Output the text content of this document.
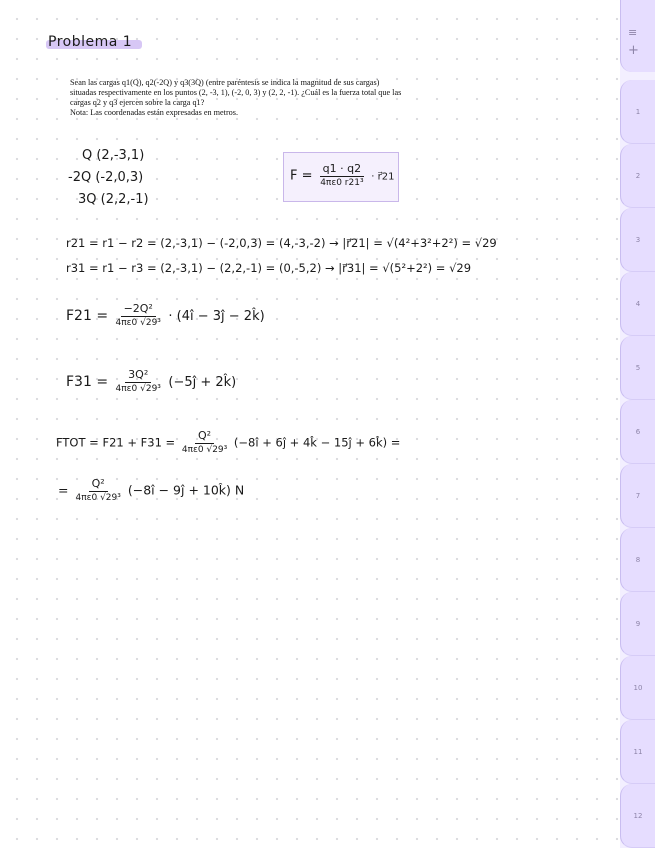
Problema 1

Sean las cargas q1(Q), q2(-2Q) y q3(3Q) (entre paréntesis se indica la magnitud de sus cargas)

situadas respectivamente en los puntos (2, -3, 1), (-2, 0, 3) y (2, 2, -1). ¿Cuál es la fuerza total que las

cargas q2 y q3 ejercen sobre la carga q1?

Nota: Las coordenadas están expresadas en metros.

Q (2,-3,1)
-2Q (-2,0,3)
3Q (2,2,-1)
$F = \frac{q1 \cdot q2}{\text{4πε0 r21³}}$ · r⃗21
r21 = r1 − r2 = (2,-3,1) − (-2,0,3) = (4,-3,-2) → |r⃗21| = √(4²+3²+2²) = √29
r31 = r1 − r3 = (2,-3,1) − (2,2,-1) = (0,-5,2) → |r⃗31| = √(5²+2²) = √29
$F21 = \frac{\text{−2Q²}}{\text{4πε0 √29³}}$ · (4î − 3ĵ − 2k̂)
$F31 = \frac{\text{3Q²}}{\text{4πε0 √29³}}$ (−5ĵ + 2k̂)
FTOT = $F21 + F31 = \frac{\text{Q²}}{\text{4πε0 √29³}}$ (−8î + 6ĵ + 4k̂ − 15ĵ + 6k̂) =
= $\frac{\text{Q²}}{\text{4πε0 √29³}}$ (−8î − 9ĵ + 10k̂) N
≡
+
1
2
3
4
5
6
7
8
9
10
11
12
